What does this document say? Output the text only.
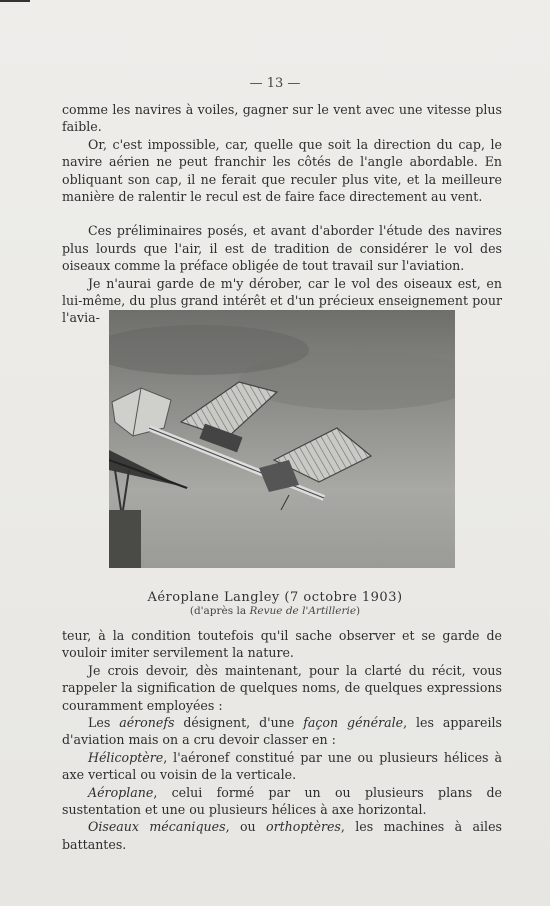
— 13 —

comme les navires à voiles, gagner sur le vent avec une vitesse plus faible.

Or, c'est impossible, car, quelle que soit la direction du cap, le navire aérien ne peut franchir les côtés de l'angle abordable. En obliquant son cap, il ne ferait que reculer plus vite, et la meilleure manière de ralentir le recul est de faire face directement au vent.

Ces préliminaires posés, et avant d'aborder l'étude des navires plus lourds que l'air, il est de tradition de considérer le vol des oiseaux comme la préface obligée de tout travail sur l'aviation.

Je n'aurai garde de m'y dérober, car le vol des oiseaux est, en lui-même, du plus grand intérêt et d'un précieux enseignement pour l'avia-

Aéroplane Langley (7 octobre 1903)
(d'après la Revue de l'Artillerie)

teur, à la condition toutefois qu'il sache observer et se garde de vouloir imiter servilement la nature.

Je crois devoir, dès maintenant, pour la clarté du récit, vous rappeler la signification de quelques noms, de quelques expressions couramment employées :

Les aéronefs désignent, d'une façon générale, les appareils d'aviation mais on a cru devoir classer en :

Hélicoptère, l'aéronef constitué par une ou plusieurs hélices à axe vertical ou voisin de la verticale.

Aéroplane, celui formé par un ou plusieurs plans de sustentation et une ou plusieurs hélices à axe horizontal.

Oiseaux mécaniques, ou orthoptères, les machines à ailes battantes.
